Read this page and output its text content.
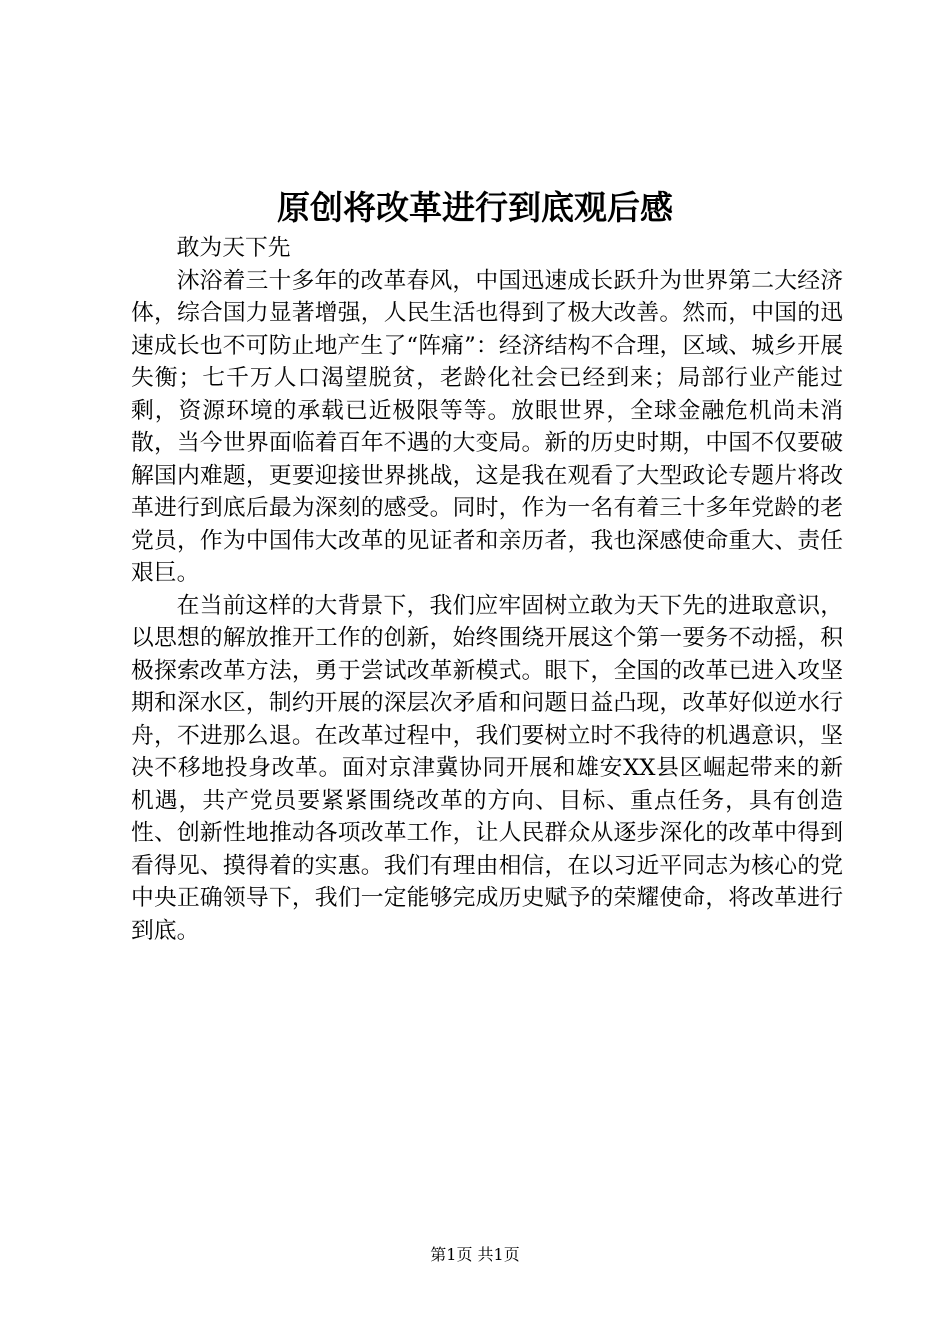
原创将改革进行到底观后感

敢为天下先

沐浴着三十多年的改革春风，中国迅速成长跃升为世界第二大经济体，综合国力显著增强，人民生活也得到了极大改善。然而，中国的迅速成长也不可防止地产生了“阵痛”：经济结构不合理，区域、城乡开展失衡；七千万人口渴望脱贫，老龄化社会已经到来；局部行业产能过剩，资源环境的承载已近极限等等。放眼世界，全球金融危机尚未消散，当今世界面临着百年不遇的大变局。新的历史时期，中国不仅要破解国内难题，更要迎接世界挑战，这是我在观看了大型政论专题片将改革进行到底后最为深刻的感受。同时，作为一名有着三十多年党龄的老党员，作为中国伟大改革的见证者和亲历者，我也深感使命重大、责任艰巨。

在当前这样的大背景下，我们应牢固树立敢为天下先的进取意识，以思想的解放推开工作的创新，始终围绕开展这个第一要务不动摇，积极探索改革方法，勇于尝试改革新模式。眼下，全国的改革已进入攻坚期和深水区，制约开展的深层次矛盾和问题日益凸现，改革好似逆水行舟，不进那么退。在改革过程中，我们要树立时不我待的机遇意识，坚决不移地投身改革。面对京津冀协同开展和雄安XX县区崛起带来的新机遇，共产党员要紧紧围绕改革的方向、目标、重点任务，具有创造性、创新性地推动各项改革工作，让人民群众从逐步深化的改革中得到看得见、摸得着的实惠。我们有理由相信，在以习近平同志为核心的党中央正确领导下，我们一定能够完成历史赋予的荣耀使命，将改革进行到底。

第1页 共1页
